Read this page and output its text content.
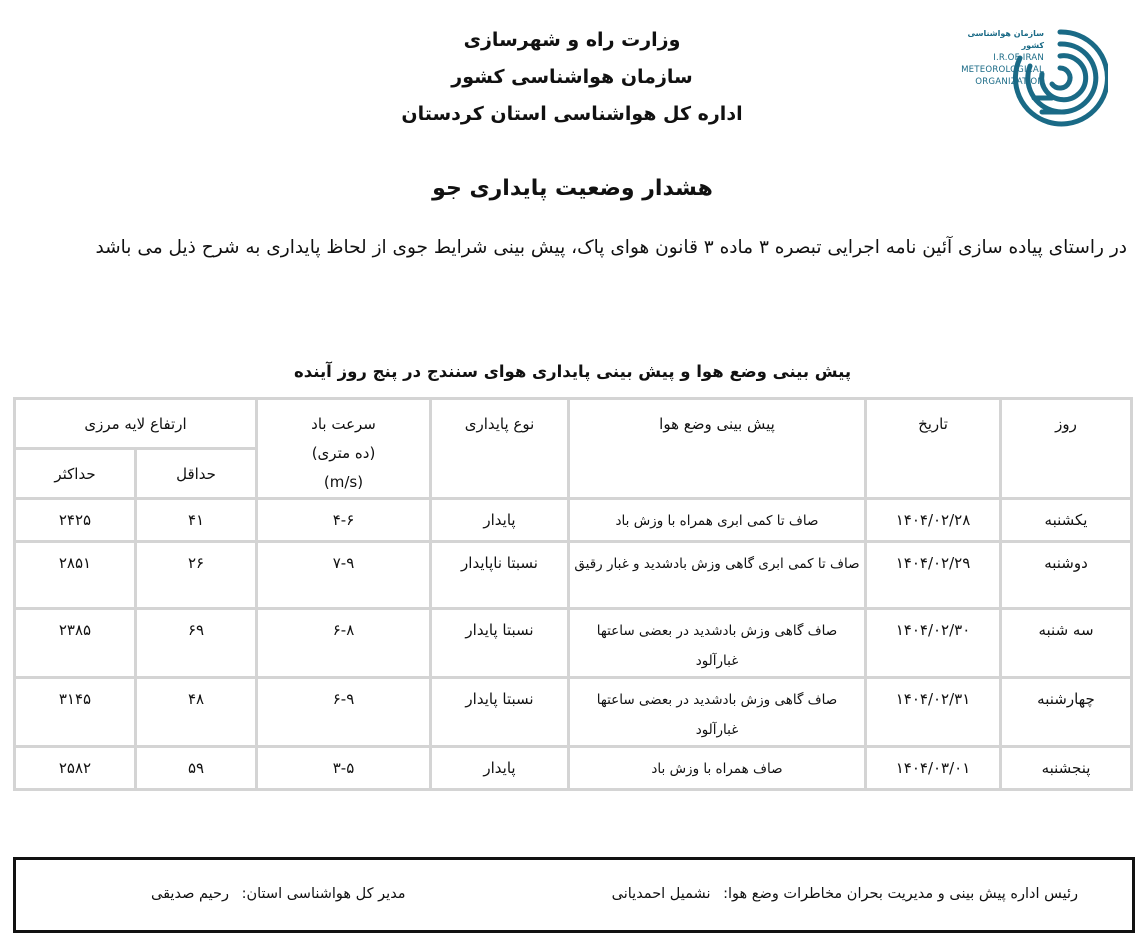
وزارت راه و شهرسازی
سازمان هواشناسی کشور
اداره کل هواشناسی استان کردستان
سازمان هواشناسی کشور
I.R.OF IRAN
METEOROLOGICAL
ORGANIZATION
هشدار وضعیت پایداری جو
در راستای پیاده سازی آئین نامه اجرایی تبصره ۳ ماده ۳ قانون هوای پاک، پیش بینی شرایط جوی از لحاظ پایداری به شرح ذیل می باشد
پیش بینی وضع هوا و پیش بینی پایداری هوای سنندج در پنج روز آینده
روز	تاریخ	پیش بینی وضع هوا	نوع پایداری	سرعت باد
(ده متری)
(m/s)	ارتفاع لایه مرزی	
					حداقل	حداکثر
یکشنبه	۱۴۰۴/۰۲/۲۸	صاف تا کمی ابری همراه با وزش باد	پایدار	۴-۶	۴۱	۲۴۲۵
دوشنبه	۱۴۰۴/۰۲/۲۹	صاف تا کمی ابری گاهی وزش بادشدید و غبار رقیق	نسبتا ناپایدار	۷-۹	۲۶	۲۸۵۱
سه شنبه	۱۴۰۴/۰۲/۳۰	صاف گاهی وزش بادشدید در بعضی ساعتها غبارآلود	نسبتا پایدار	۶-۸	۶۹	۲۳۸۵
چهارشنبه	۱۴۰۴/۰۲/۳۱	صاف گاهی وزش بادشدید در بعضی ساعتها غبارآلود	نسبتا پایدار	۶-۹	۴۸	۳۱۴۵
پنجشنبه	۱۴۰۴/۰۳/۰۱	صاف همراه با وزش باد	پایدار	۳-۵	۵۹	۲۵۸۲
رئیس اداره پیش بینی و مدیریت بحران مخاطرات وضع هوا: نشمیل احمدیانی
مدیر کل هواشناسی استان: رحیم صدیقی
